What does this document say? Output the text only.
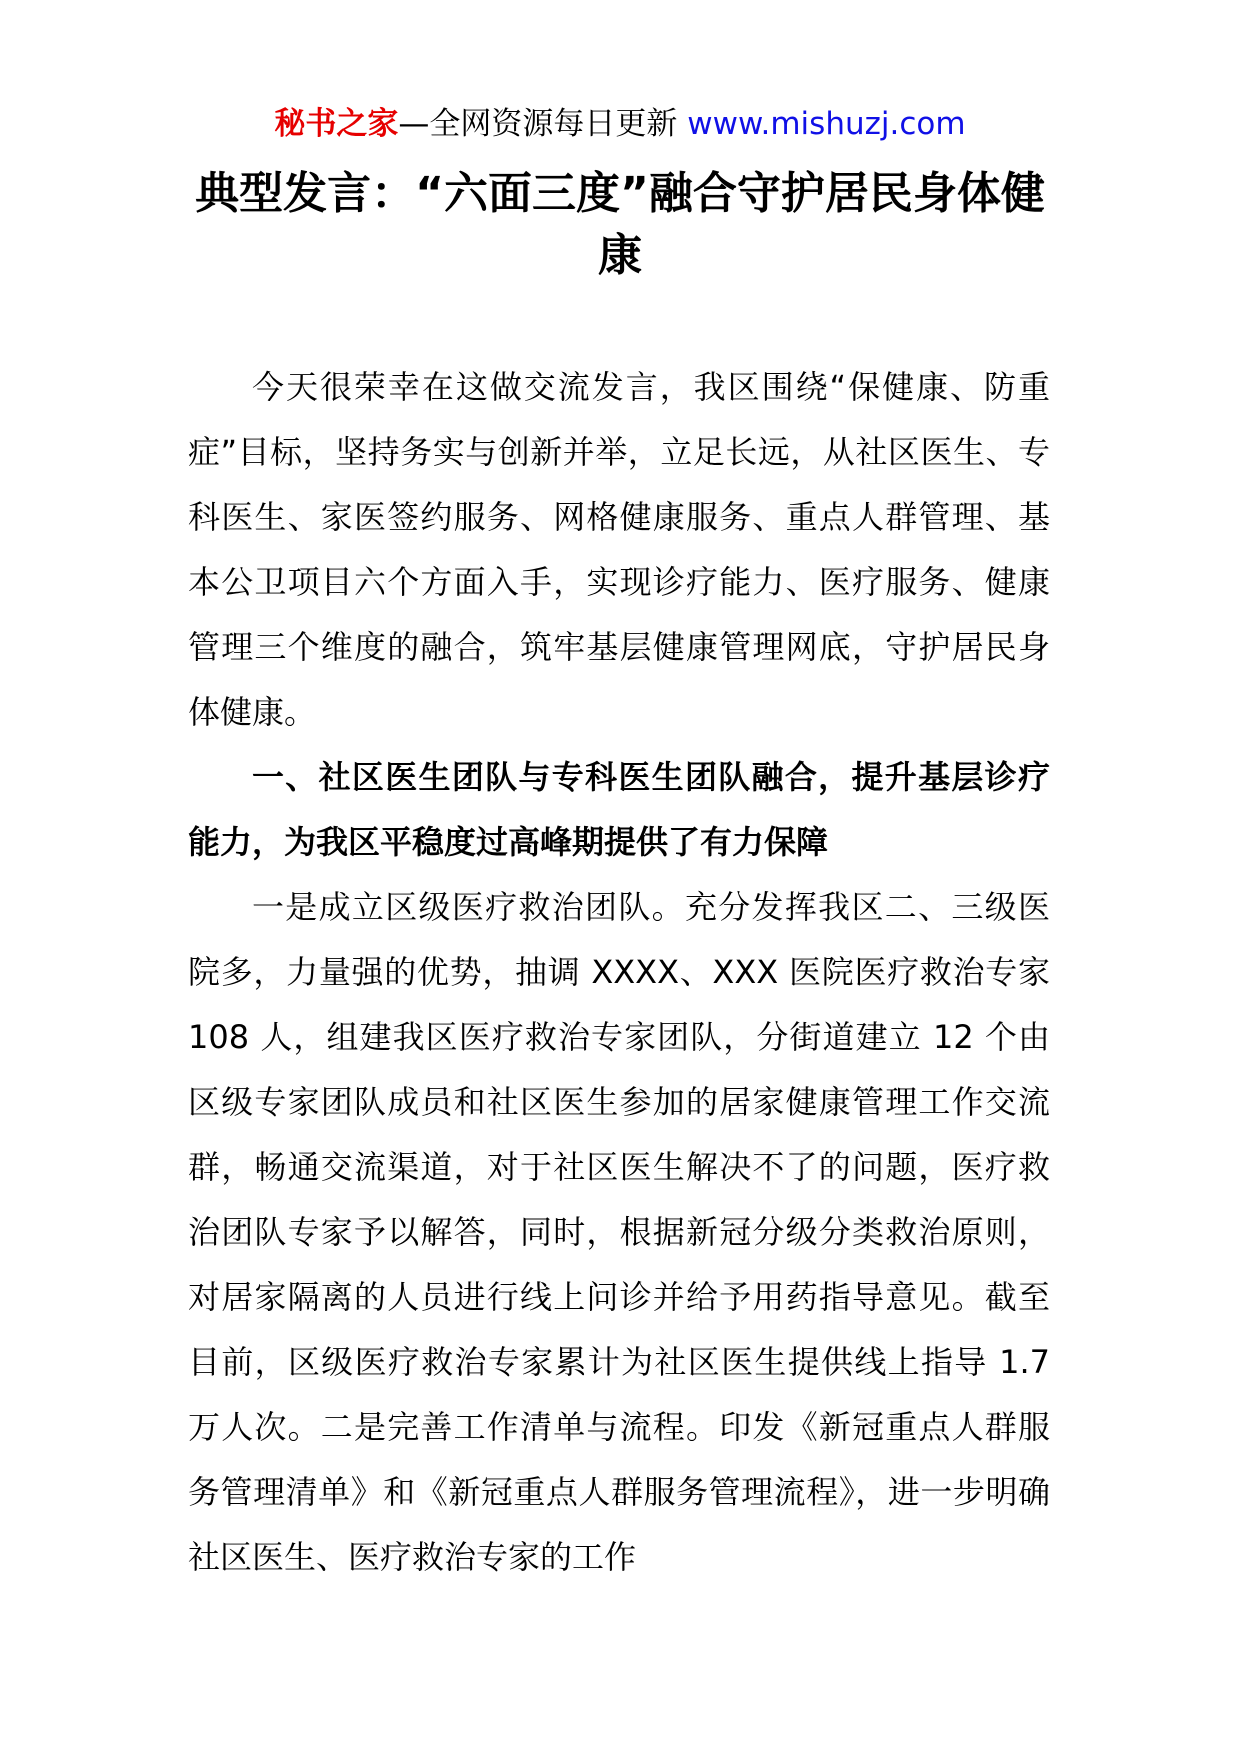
秘书之家—全网资源每日更新 www.mishuzj.com
典型发言：“六面三度”融合守护居民身体健康

今天很荣幸在这做交流发言，我区围绕“保健康、防重症”目标，坚持务实与创新并举，立足长远，从社区医生、专科医生、家医签约服务、网格健康服务、重点人群管理、基本公卫项目六个方面入手，实现诊疗能力、医疗服务、健康管理三个维度的融合，筑牢基层健康管理网底，守护居民身体健康。

一、社区医生团队与专科医生团队融合，提升基层诊疗能力，为我区平稳度过高峰期提供了有力保障

一是成立区级医疗救治团队。充分发挥我区二、三级医院多，力量强的优势，抽调 XXXX、XXX 医院医疗救治专家 108 人，组建我区医疗救治专家团队，分街道建立 12 个由区级专家团队成员和社区医生参加的居家健康管理工作交流群，畅通交流渠道，对于社区医生解决不了的问题，医疗救治团队专家予以解答，同时，根据新冠分级分类救治原则，对居家隔离的人员进行线上问诊并给予用药指导意见。截至目前，区级医疗救治专家累计为社区医生提供线上指导 1.7 万人次。二是完善工作清单与流程。印发《新冠重点人群服务管理清单》和《新冠重点人群服务管理流程》，进一步明确社区医生、医疗救治专家的工作
